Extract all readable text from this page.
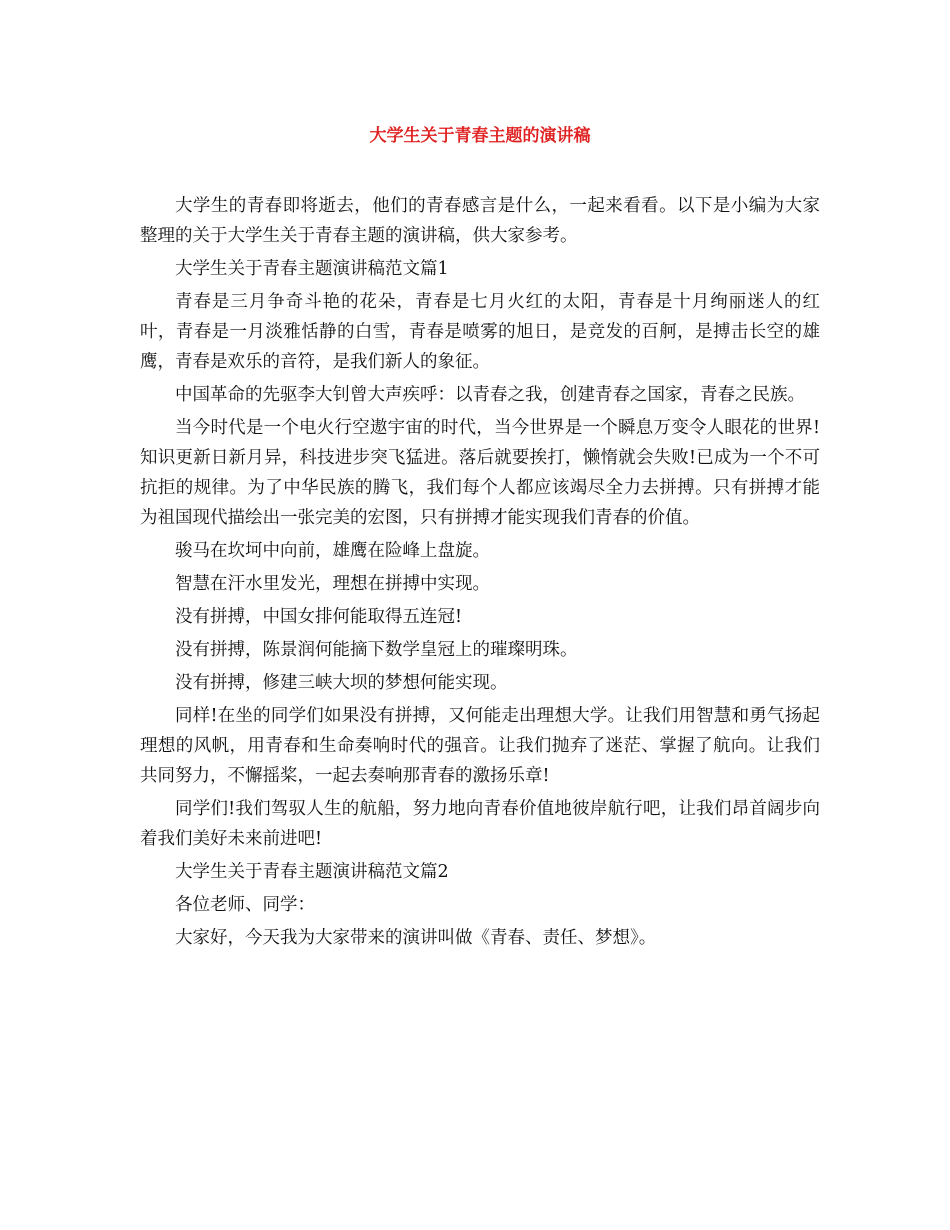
大学生关于青春主题的演讲稿

大学生的青春即将逝去，他们的青春感言是什么，一起来看看。以下是小编为大家整理的关于大学生关于青春主题的演讲稿，供大家参考。

大学生关于青春主题演讲稿范文篇1

青春是三月争奇斗艳的花朵，青春是七月火红的太阳，青春是十月绚丽迷人的红叶，青春是一月淡雅恬静的白雪，青春是喷雾的旭日，是竞发的百舸，是搏击长空的雄鹰，青春是欢乐的音符，是我们新人的象征。

中国革命的先驱李大钊曾大声疾呼：以青春之我，创建青春之国家，青春之民族。

当今时代是一个电火行空遨宇宙的时代，当今世界是一个瞬息万变令人眼花的世界!知识更新日新月异，科技进步突飞猛进。落后就要挨打，懒惰就会失败!已成为一个不可抗拒的规律。为了中华民族的腾飞，我们每个人都应该竭尽全力去拼搏。只有拼搏才能为祖国现代描绘出一张完美的宏图，只有拼搏才能实现我们青春的价值。

骏马在坎坷中向前，雄鹰在险峰上盘旋。

智慧在汗水里发光，理想在拼搏中实现。

没有拼搏，中国女排何能取得五连冠!

没有拼搏，陈景润何能摘下数学皇冠上的璀璨明珠。

没有拼搏，修建三峡大坝的梦想何能实现。

同样!在坐的同学们如果没有拼搏，又何能走出理想大学。让我们用智慧和勇气扬起理想的风帆，用青春和生命奏响时代的强音。让我们抛弃了迷茫、掌握了航向。让我们共同努力，不懈摇桨，一起去奏响那青春的激扬乐章!

同学们!我们驾驭人生的航船，努力地向青春价值地彼岸航行吧，让我们昂首阔步向着我们美好未来前进吧!

大学生关于青春主题演讲稿范文篇2

各位老师、同学：

大家好，今天我为大家带来的演讲叫做《青春、责任、梦想》。
